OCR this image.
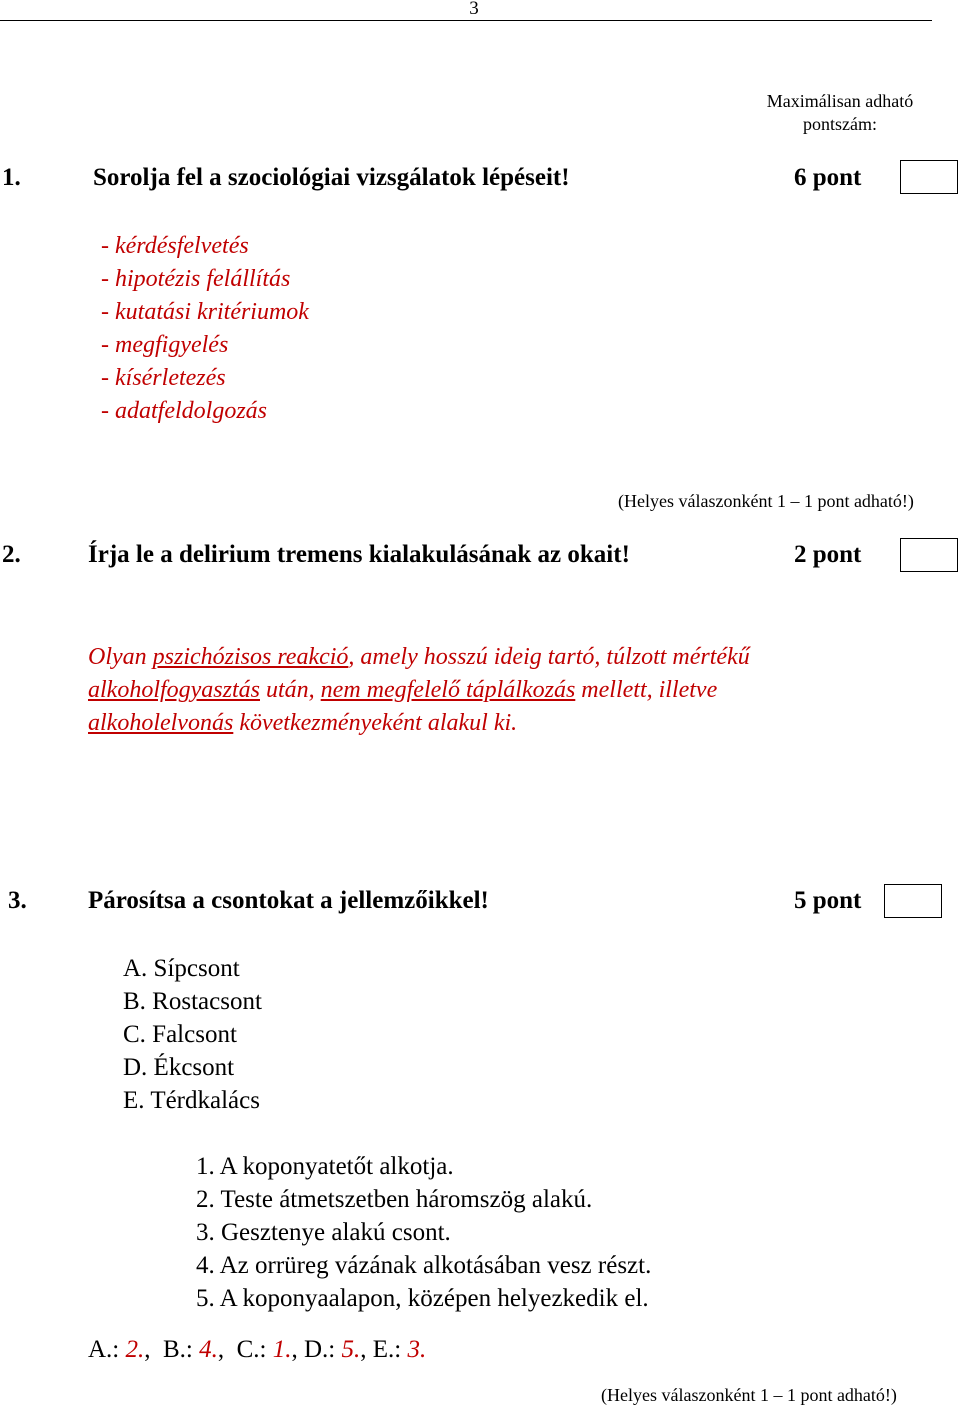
3
Maximálisan adható pontszám:
1.	Sorolja fel a szociológiai vizsgálatok lépéseit!	6 pont
- kérdésfelvetés
- hipotézis felállítás
- kutatási kritériumok
- megfigyelés
- kísérletezés
- adatfeldolgozás
(Helyes válaszonként 1 – 1 pont adható!)
2.	Írja le a delirium tremens kialakulásának az okait!	2 pont
Olyan pszichózisos reakció, amely hosszú ideig tartó, túlzott mértékű
alkoholfogyasztás után, nem megfelelő táplálkozás mellett, illetve
alkoholelvonás következményeként alakul ki.
3. Párosítsa a csontokat a jellemzőikkel!	5 pont
A. Sípcsont
B. Rostacsont
C. Falcsont
D. Ékcsont
E. Térdkalács
1. A koponyatetőt alkotja.
2. Teste átmetszetben háromszög alakú.
3. Gesztenye alakú csont.
4. Az orrüreg vázának alkotásában vesz részt.
5. A koponyaalapon, középen helyezkedik el.
A.: 2.,  B.: 4.,  C.: 1., D.: 5., E.: 3.
(Helyes válaszonként 1 – 1 pont adható!)
